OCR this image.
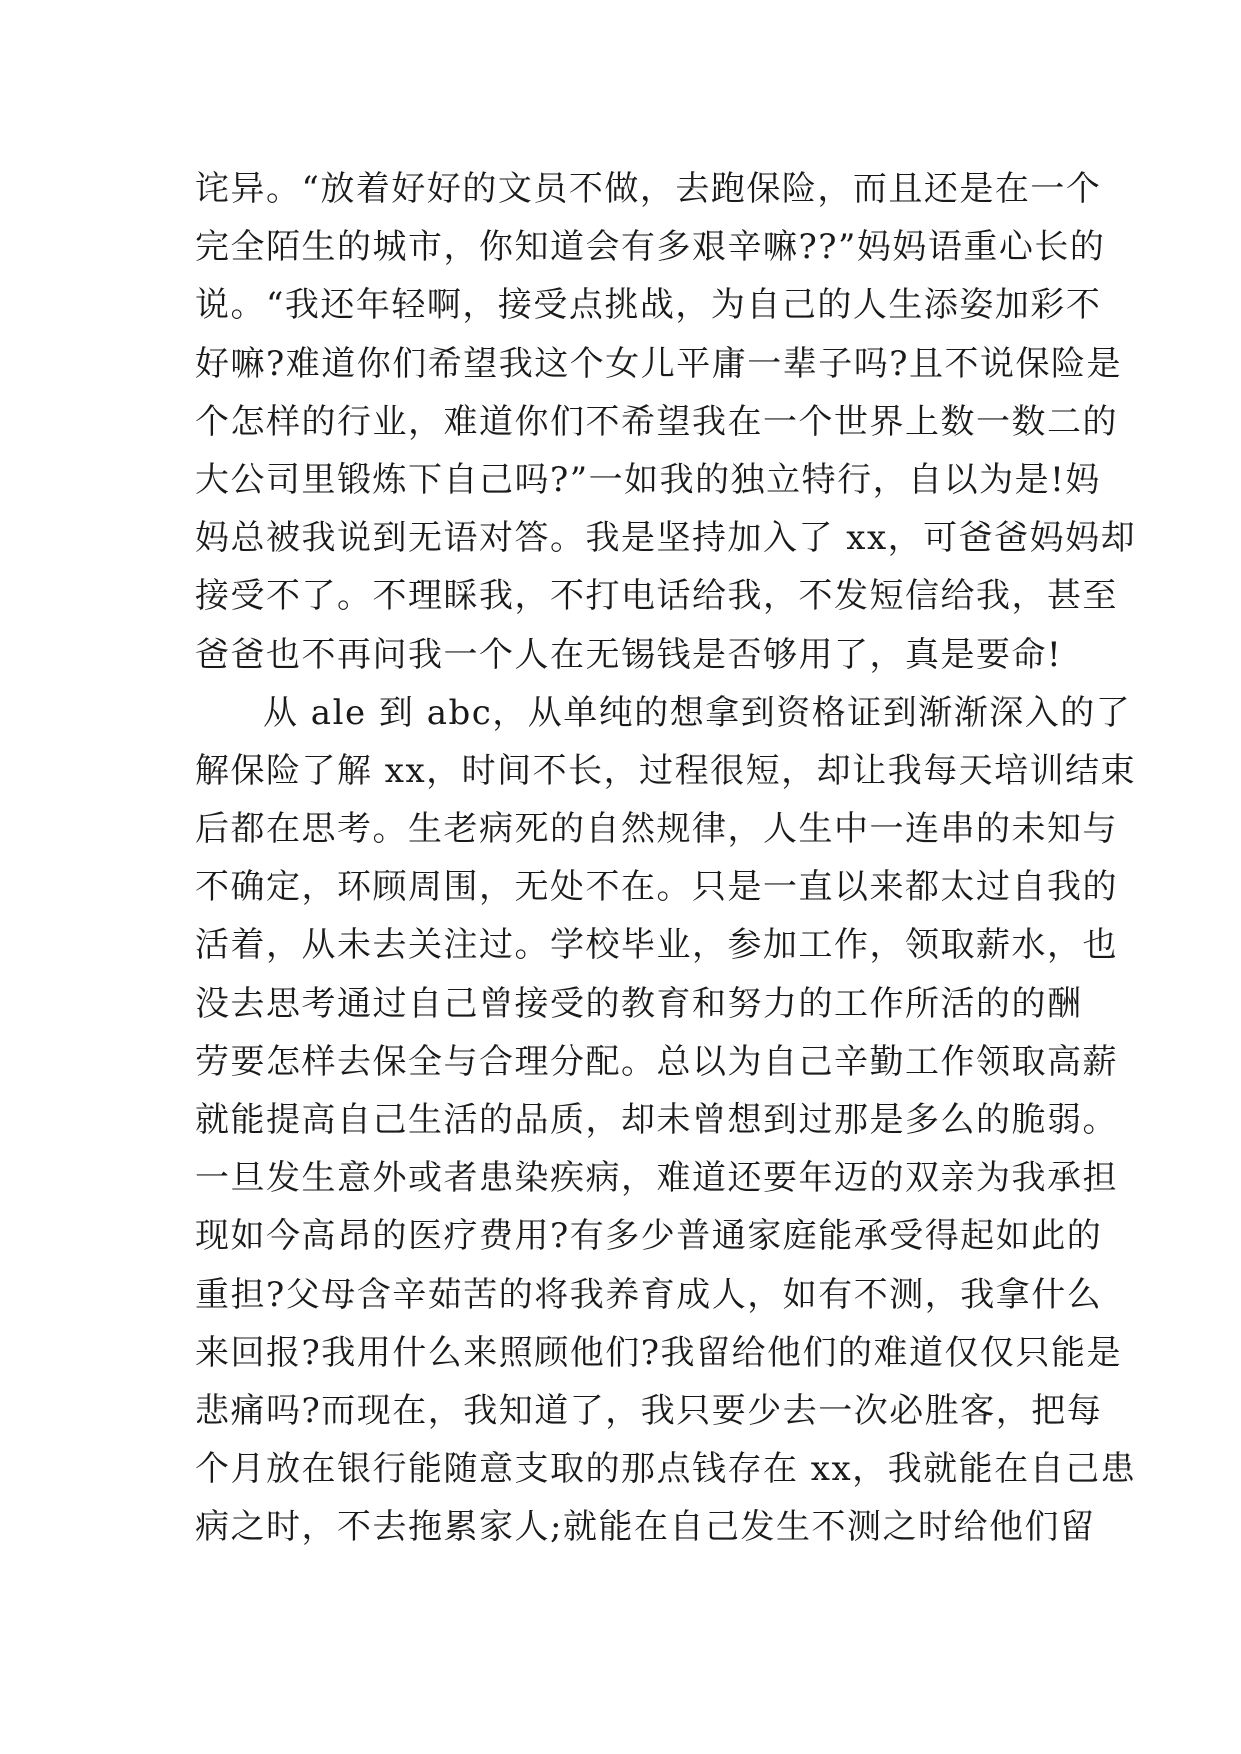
诧异。“放着好好的文员不做，去跑保险，而且还是在一个
完全陌生的城市，你知道会有多艰辛嘛??”妈妈语重心长的
说。“我还年轻啊，接受点挑战，为自己的人生添姿加彩不
好嘛?难道你们希望我这个女儿平庸一辈子吗?且不说保险是
个怎样的行业，难道你们不希望我在一个世界上数一数二的
大公司里锻炼下自己吗?”一如我的独立特行，自以为是!妈
妈总被我说到无语对答。我是坚持加入了 xx，可爸爸妈妈却
接受不了。不理睬我，不打电话给我，不发短信给我，甚至
爸爸也不再问我一个人在无锡钱是否够用了，真是要命!
从 ale 到 abc，从单纯的想拿到资格证到渐渐深入的了
解保险了解 xx，时间不长，过程很短，却让我每天培训结束
后都在思考。生老病死的自然规律，人生中一连串的未知与
不确定，环顾周围，无处不在。只是一直以来都太过自我的
活着，从未去关注过。学校毕业，参加工作，领取薪水，也
没去思考通过自己曾接受的教育和努力的工作所活的的酬
劳要怎样去保全与合理分配。总以为自己辛勤工作领取高薪
就能提高自己生活的品质，却未曾想到过那是多么的脆弱。
一旦发生意外或者患染疾病，难道还要年迈的双亲为我承担
现如今高昂的医疗费用?有多少普通家庭能承受得起如此的
重担?父母含辛茹苦的将我养育成人，如有不测，我拿什么
来回报?我用什么来照顾他们?我留给他们的难道仅仅只能是
悲痛吗?而现在，我知道了，我只要少去一次必胜客，把每
个月放在银行能随意支取的那点钱存在 xx，我就能在自己患
病之时，不去拖累家人;就能在自己发生不测之时给他们留
